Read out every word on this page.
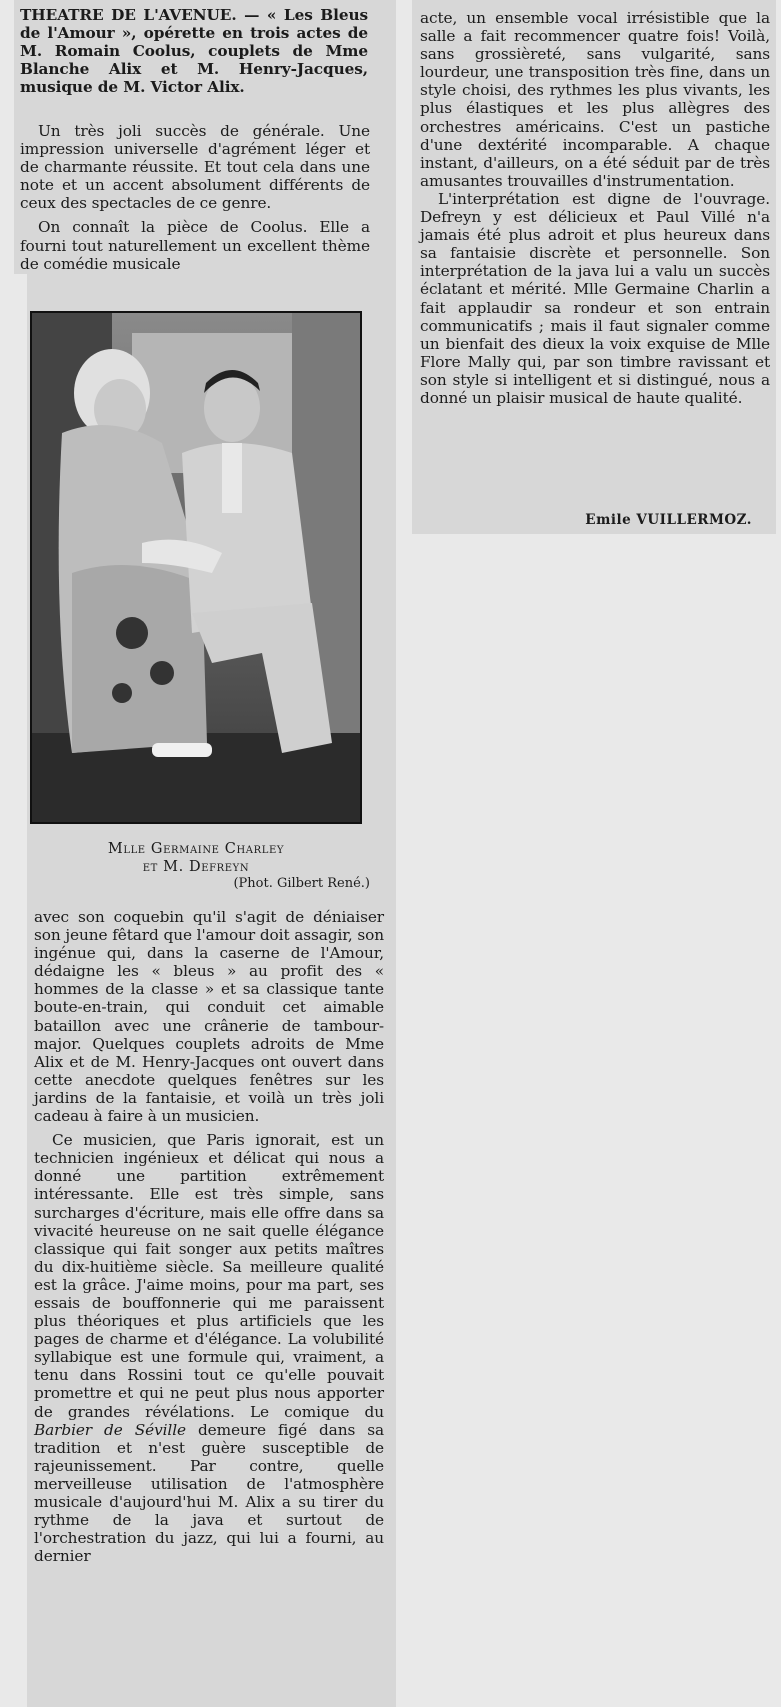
THEATRE DE L'AVENUE. — « Les Bleus de l'Amour », opérette en trois actes de M. Romain Coolus, couplets de Mme Blanche Alix et M. Henry-Jacques, musique de M. Victor Alix.

Un très joli succès de générale. Une impression universelle d'agrément léger et de charmante réussite. Et tout cela dans une note et un accent absolument différents de ceux des spectacles de ce genre.

On connaît la pièce de Coolus. Elle a fourni tout naturellement un excellent thème de comédie musicale

Mlle Germaine Charley
et M. Defreyn
(Phot. Gilbert René.)

avec son coquebin qu'il s'agit de déniaiser son jeune fêtard que l'amour doit assagir, son ingénue qui, dans la caserne de l'Amour, dédaigne les « bleus » au profit des « hommes de la classe » et sa classique tante boute-en-train, qui conduit cet aimable bataillon avec une crânerie de tambour-major. Quelques couplets adroits de Mme Alix et de M. Henry-Jacques ont ouvert dans cette anecdote quelques fenêtres sur les jardins de la fantaisie, et voilà un très joli cadeau à faire à un musicien.

Ce musicien, que Paris ignorait, est un technicien ingénieux et délicat qui nous a donné une partition extrêmement intéressante. Elle est très simple, sans surcharges d'écriture, mais elle offre dans sa vivacité heureuse on ne sait quelle élégance classique qui fait songer aux petits maîtres du dix-huitième siècle. Sa meilleure qualité est la grâce. J'aime moins, pour ma part, ses essais de bouffonnerie qui me paraissent plus théoriques et plus artificiels que les pages de charme et d'élégance. La volubilité syllabique est une formule qui, vraiment, a tenu dans Rossini tout ce qu'elle pouvait promettre et qui ne peut plus nous apporter de grandes révélations. Le comique du Barbier de Séville demeure figé dans sa tradition et n'est guère susceptible de rajeunissement. Par contre, quelle merveilleuse utilisation de l'atmosphère musicale d'aujourd'hui M. Alix a su tirer du rythme de la java et surtout de l'orchestration du jazz, qui lui a fourni, au dernier

acte, un ensemble vocal irrésistible que la salle a fait recommencer quatre fois! Voilà, sans grossièreté, sans vulgarité, sans lourdeur, une transposition très fine, dans un style choisi, des rythmes les plus vivants, les plus élastiques et les plus allègres des orchestres américains. C'est un pastiche d'une dextérité incomparable. A chaque instant, d'ailleurs, on a été séduit par de très amusantes trouvailles d'instrumentation.

L'interprétation est digne de l'ouvrage. Defreyn y est délicieux et Paul Villé n'a jamais été plus adroit et plus heureux dans sa fantaisie discrète et personnelle. Son interprétation de la java lui a valu un succès éclatant et mérité. Mlle Germaine Charlin a fait applaudir sa rondeur et son entrain communicatifs ; mais il faut signaler comme un bienfait des dieux la voix exquise de Mlle Flore Mally qui, par son timbre ravissant et son style si intelligent et si distingué, nous a donné un plaisir musical de haute qualité.

Emile VUILLERMOZ.
